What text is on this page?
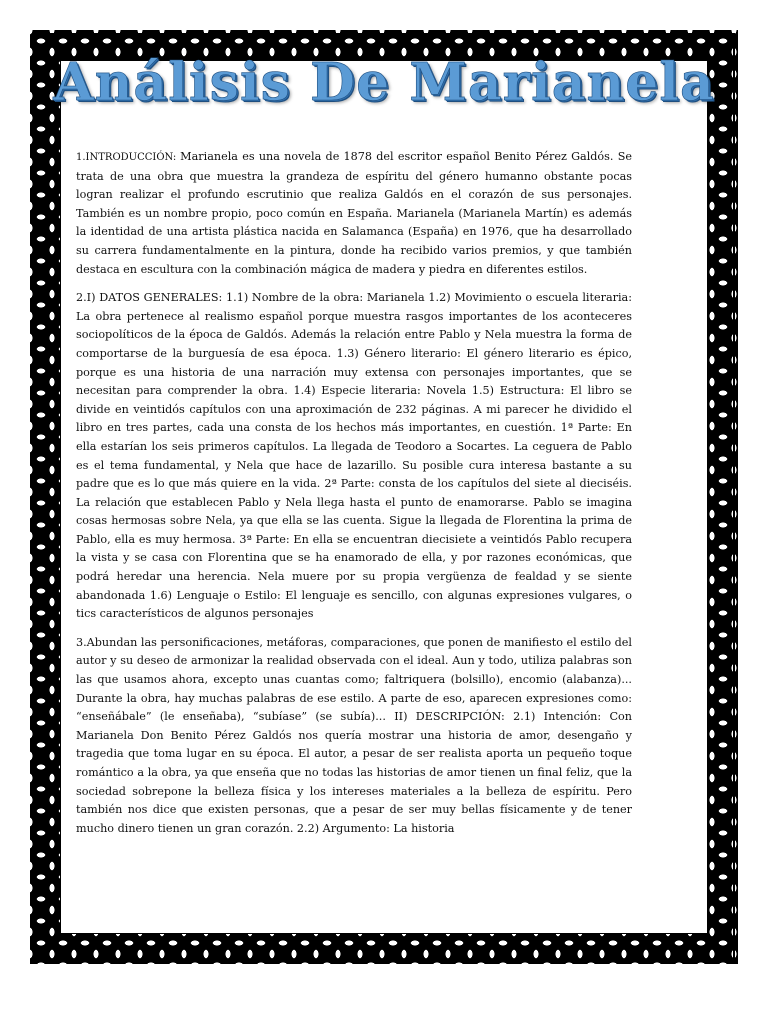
Análisis De Marianela

1.INTRODUCCIÓN: Marianela es una novela de 1878 del escritor español Benito Pérez Galdós. Se trata de una obra que muestra la grandeza de espíritu del género humanno obstante pocas logran realizar el profundo escrutinio que realiza Galdós en el corazón de sus personajes. También es un nombre propio, poco común en España. Marianela (Marianela Martín) es además la identidad de una artista plástica nacida en Salamanca (España) en 1976, que ha desarrollado su carrera fundamentalmente en la pintura, donde ha recibido varios premios, y que también destaca en escultura con la combinación mágica de madera y piedra en diferentes estilos.

2.I) DATOS GENERALES: 1.1) Nombre de la obra: Marianela 1.2) Movimiento o escuela literaria: La obra pertenece al realismo español porque muestra rasgos importantes de los aconteceres sociopolíticos de la época de Galdós. Además la relación entre Pablo y Nela muestra la forma de comportarse de la burguesía de esa época. 1.3) Género literario: El género literario es épico, porque es una historia de una narración muy extensa con personajes importantes, que se necesitan para comprender la obra. 1.4) Especie literaria: Novela 1.5) Estructura: El libro se divide en veintidós capítulos con una aproximación de 232 páginas. A mi parecer he dividido el libro en tres partes, cada una consta de los hechos más importantes, en cuestión. 1ª Parte: En ella estarían los seis primeros capítulos. La llegada de Teodoro a Socartes. La ceguera de Pablo es el tema fundamental, y Nela que hace de lazarillo. Su posible cura interesa bastante a su padre que es lo que más quiere en la vida. 2ª Parte: consta de los capítulos del siete al dieciséis. La relación que establecen Pablo y Nela llega hasta el punto de enamorarse. Pablo se imagina cosas hermosas sobre Nela, ya que ella se las cuenta. Sigue la llegada de Florentina la prima de Pablo, ella es muy hermosa. 3ª Parte: En ella se encuentran diecisiete a veintidós Pablo recupera la vista y se casa con Florentina que se ha enamorado de ella, y por razones económicas, que podrá heredar una herencia. Nela muere por su propia vergüenza de fealdad y se siente abandonada 1.6) Lenguaje o Estilo: El lenguaje es sencillo, con algunas expresiones vulgares, o tics característicos de algunos personajes

3.Abundan las personificaciones, metáforas, comparaciones, que ponen de manifiesto el estilo del autor y su deseo de armonizar la realidad observada con el ideal. Aun y todo, utiliza palabras son las que usamos ahora, excepto unas cuantas como; faltriquera (bolsillo), encomio (alabanza)... Durante la obra, hay muchas palabras de ese estilo. A parte de eso, aparecen expresiones como: “enseñábale” (le enseñaba), “subíase” (se subía)... II) DESCRIPCIÓN: 2.1) Intención: Con Marianela Don Benito Pérez Galdós nos quería mostrar una historia de amor, desengaño y tragedia que toma lugar en su época. El autor, a pesar de ser realista aporta un pequeño toque romántico a la obra, ya que enseña que no todas las historias de amor tienen un final feliz, que la sociedad sobrepone la belleza física y los intereses materiales a la belleza de espíritu. Pero también nos dice que existen personas, que a pesar de ser muy bellas físicamente y de tener mucho dinero tienen un gran corazón. 2.2) Argumento: La historia
